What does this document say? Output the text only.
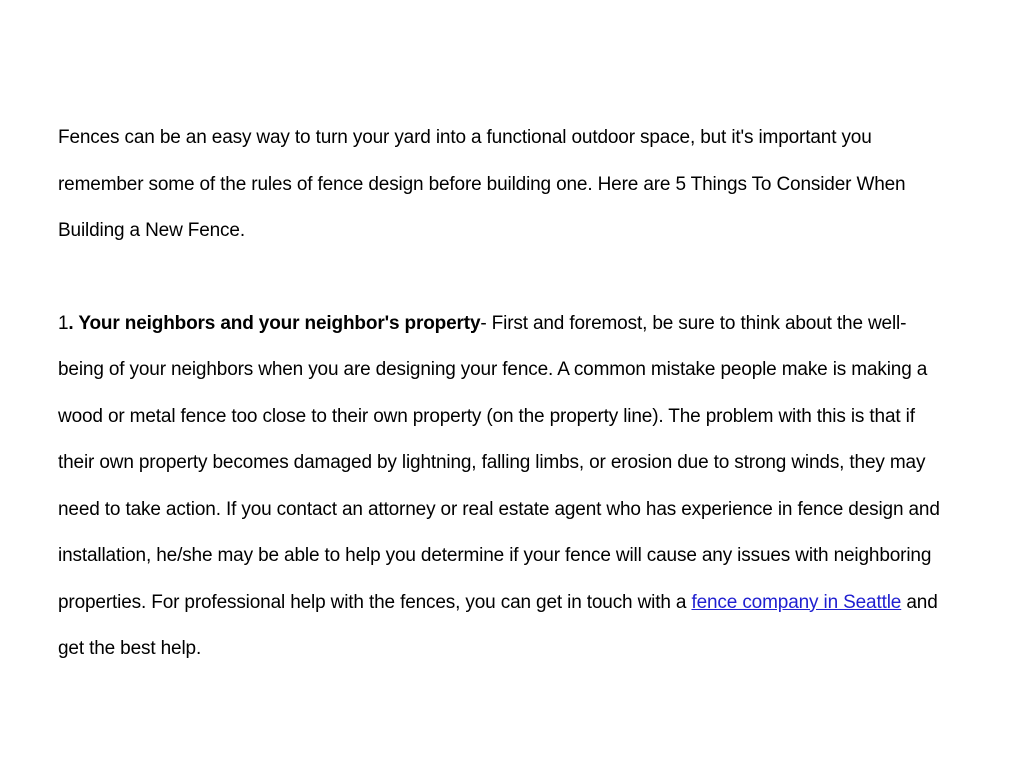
Fences can be an easy way to turn your yard into a functional outdoor space, but it's important you remember some of the rules of fence design before building one. Here are 5 Things To Consider When Building a New Fence.

1. Your neighbors and your neighbor's property- First and foremost, be sure to think about the well-being of your neighbors when you are designing your fence. A common mistake people make is making a wood or metal fence too close to their own property (on the property line). The problem with this is that if their own property becomes damaged by lightning, falling limbs, or erosion due to strong winds, they may need to take action. If you contact an attorney or real estate agent who has experience in fence design and installation, he/she may be able to help you determine if your fence will cause any issues with neighboring properties. For professional help with the fences, you can get in touch with a fence company in Seattle and get the best help.
